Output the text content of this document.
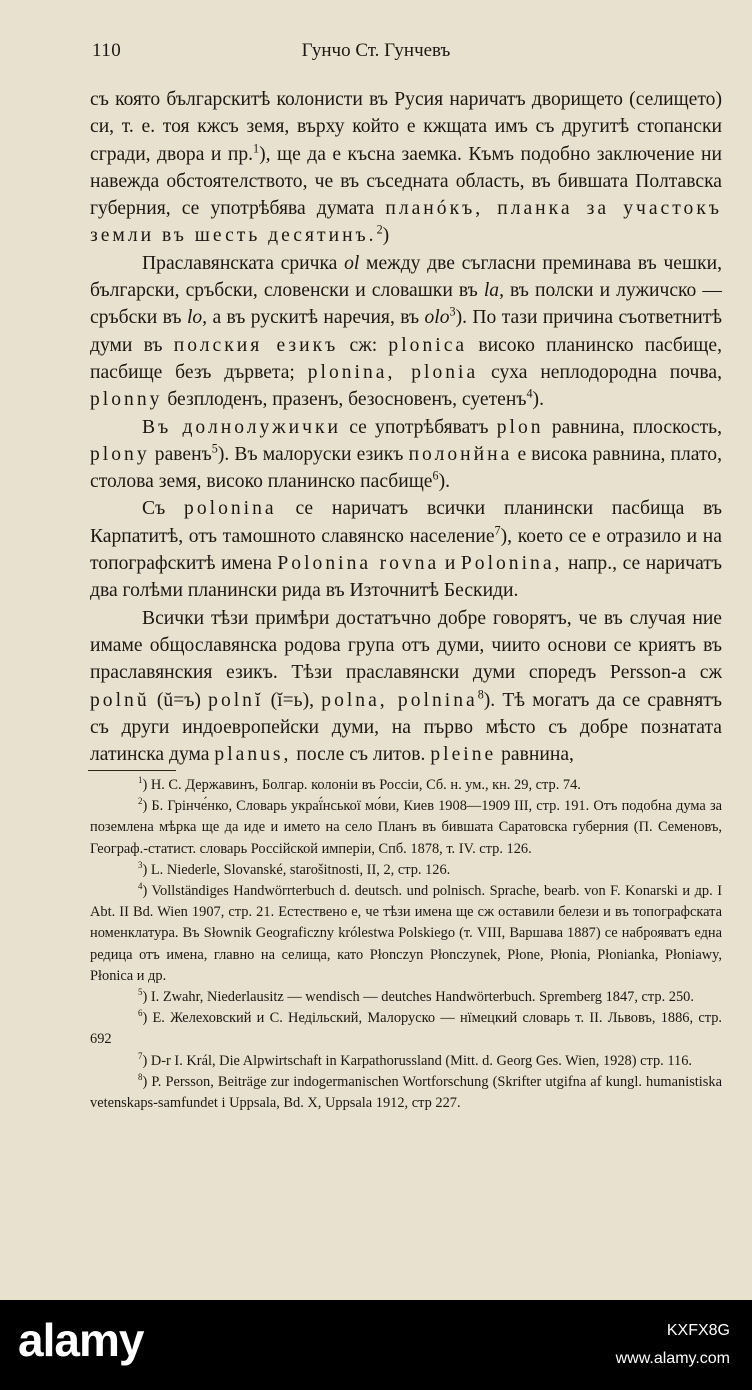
110	Гунчо Ст. Гунчевъ

съ която българскитѣ колонисти въ Русия наричатъ дворището (селището) си, т. е. тоя кжсъ земя, върху който е кжщата имъ съ другитѣ стопански сгради, двора и пр.$^1$), ще да е късна заемка. Къмъ подобно заключение ни навежда обстоятелството, че въ съседната область, въ бившата Полтавска губерния, се употрѣбява думата планóкъ, планка за участокъ земли въ шесть десятинъ.$^2$)

Праславянската сричка ol между две съгласни преминава въ чешки, български, сръбски, словенски и словашки въ la, въ полски и лужичско — сръбски въ lo, а въ рускитѣ наречия, въ olo$^3$). По тази причина съответнитѣ думи въ полския езикъ сж: plonica високо планинско пасбище, пасбище безъ дървета; plonina, plonia суха неплодородна почва, plonny безплоденъ, празенъ, безосновенъ, суетенъ$^4$).

Въ долнолужички се употрѣбяватъ plon равнина, плоскость, plony равенъ$^5$). Въ малоруски езикъ полонйна е висока равнина, плато, столова земя, високо планинско пасбище$^6$).

Съ polonina се наричатъ всички планински пасбища въ Карпатитѣ, отъ тамошното славянско население$^7$), което се е отразило и на топографскитѣ имена Polonina rovna и Polonina, напр., се наричатъ два голѣми планински рида въ Източнитѣ Бескиди.

Всички тѣзи примѣри достатъчно добре говорятъ, че въ случая ние имаме общославянска родова група отъ думи, чиито основи се криятъ въ праславянския езикъ. Тѣзи праславянски думи споредъ Persson-а сж polnŭ (ŭ=ъ) polnĭ (ĭ=ь), polna, polnina$^8$). Тѣ могатъ да се сравнятъ съ други индоевропейски думи, на първо мѣсто съ добре познатата латинска дума planus, после съ литов. pleine равнина,

$^1$) Н. С. Державинъ, Болгар. колоніи въ Россіи, Сб. н. ум., кн. 29, стр. 74.

$^2$) Б. Грінче́нко, Словарь украї́нської мо́ви, Киев 1908—1909 III, стр. 191. Отъ подобна дума за поземлена мѣрка ще да иде и името на село Планъ въ бившата Саратовска губерния (П. Семеновъ, Географ.-статист. словарь Россійской имперіи, Спб. 1878, т. IV. стр. 126.

$^3$) L. Niederle, Slovanské, starošitnosti, II, 2, стр. 126.

$^4$) Vollständiges Handwörrterbuch d. deutsch. und polnisch. Sprache, bearb. von F. Konarski и др. I Abt. II Bd. Wien 1907, стр. 21. Естествено е, че тѣзи имена ще сж оставили белези и въ топографската номенклатура. Въ Słownik Geograficzny królestwa Polskiego (т. VIII, Варшава 1887) се наброяватъ една редица отъ имена, главно на селища, като Płonczyn Płonczynek, Płone, Płonia, Płonianka, Płoniawy, Płonica и др.

$^5$) I. Zwahr, Niederlausitz — wendisch — deutches Handwörterbuch. Spremberg 1847, стр. 250.

$^6$) Е. Желеховский и С. Недільский, Малоруско — нїмецкий словарь т. II. Львовъ, 1886, стр. 692

$^7$) D-r I. Král, Die Alpwirtschaft in Karpathorussland (Mitt. d. Georg Ges. Wien, 1928) стр. 116.

$^8$) P. Persson, Beiträge zur indogermanischen Wortforschung (Skrifter utgifna af kungl. humanistiska vetenskaps-samfundet i Uppsala, Bd. X, Uppsala 1912, стр 227.

alamy	KXFX8G
www.alamy.com
